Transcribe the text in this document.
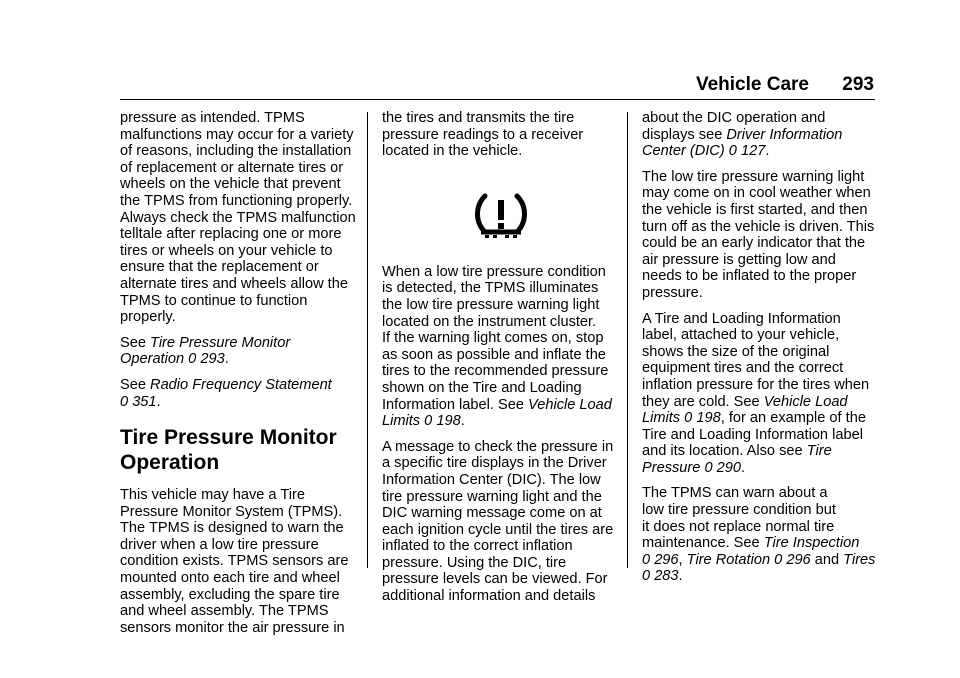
Vehicle Care 293

pressure as intended. TPMS
malfunctions may occur for a variety
of reasons, including the installation
of replacement or alternate tires or
wheels on the vehicle that prevent
the TPMS from functioning properly.
Always check the TPMS malfunction
telltale after replacing one or more
tires or wheels on your vehicle to
ensure that the replacement or
alternate tires and wheels allow the
TPMS to continue to function
properly.

See Tire Pressure Monitor
Operation 0 293.

See Radio Frequency Statement
0 351.

Tire Pressure Monitor
Operation

This vehicle may have a Tire
Pressure Monitor System (TPMS).
The TPMS is designed to warn the
driver when a low tire pressure
condition exists. TPMS sensors are
mounted onto each tire and wheel
assembly, excluding the spare tire
and wheel assembly. The TPMS
sensors monitor the air pressure in

the tires and transmits the tire
pressure readings to a receiver
located in the vehicle.

When a low tire pressure condition
is detected, the TPMS illuminates
the low tire pressure warning light
located on the instrument cluster.
If the warning light comes on, stop
as soon as possible and inflate the
tires to the recommended pressure
shown on the Tire and Loading
Information label. See Vehicle Load
Limits 0 198.

A message to check the pressure in
a specific tire displays in the Driver
Information Center (DIC). The low
tire pressure warning light and the
DIC warning message come on at
each ignition cycle until the tires are
inflated to the correct inflation
pressure. Using the DIC, tire
pressure levels can be viewed. For
additional information and details

about the DIC operation and
displays see Driver Information
Center (DIC) 0 127.

The low tire pressure warning light
may come on in cool weather when
the vehicle is first started, and then
turn off as the vehicle is driven. This
could be an early indicator that the
air pressure is getting low and
needs to be inflated to the proper
pressure.

A Tire and Loading Information
label, attached to your vehicle,
shows the size of the original
equipment tires and the correct
inflation pressure for the tires when
they are cold. See Vehicle Load
Limits 0 198, for an example of the
Tire and Loading Information label
and its location. Also see Tire
Pressure 0 290.

The TPMS can warn about a
low tire pressure condition but
it does not replace normal tire
maintenance. See Tire Inspection
0 296, Tire Rotation 0 296 and Tires
0 283.
